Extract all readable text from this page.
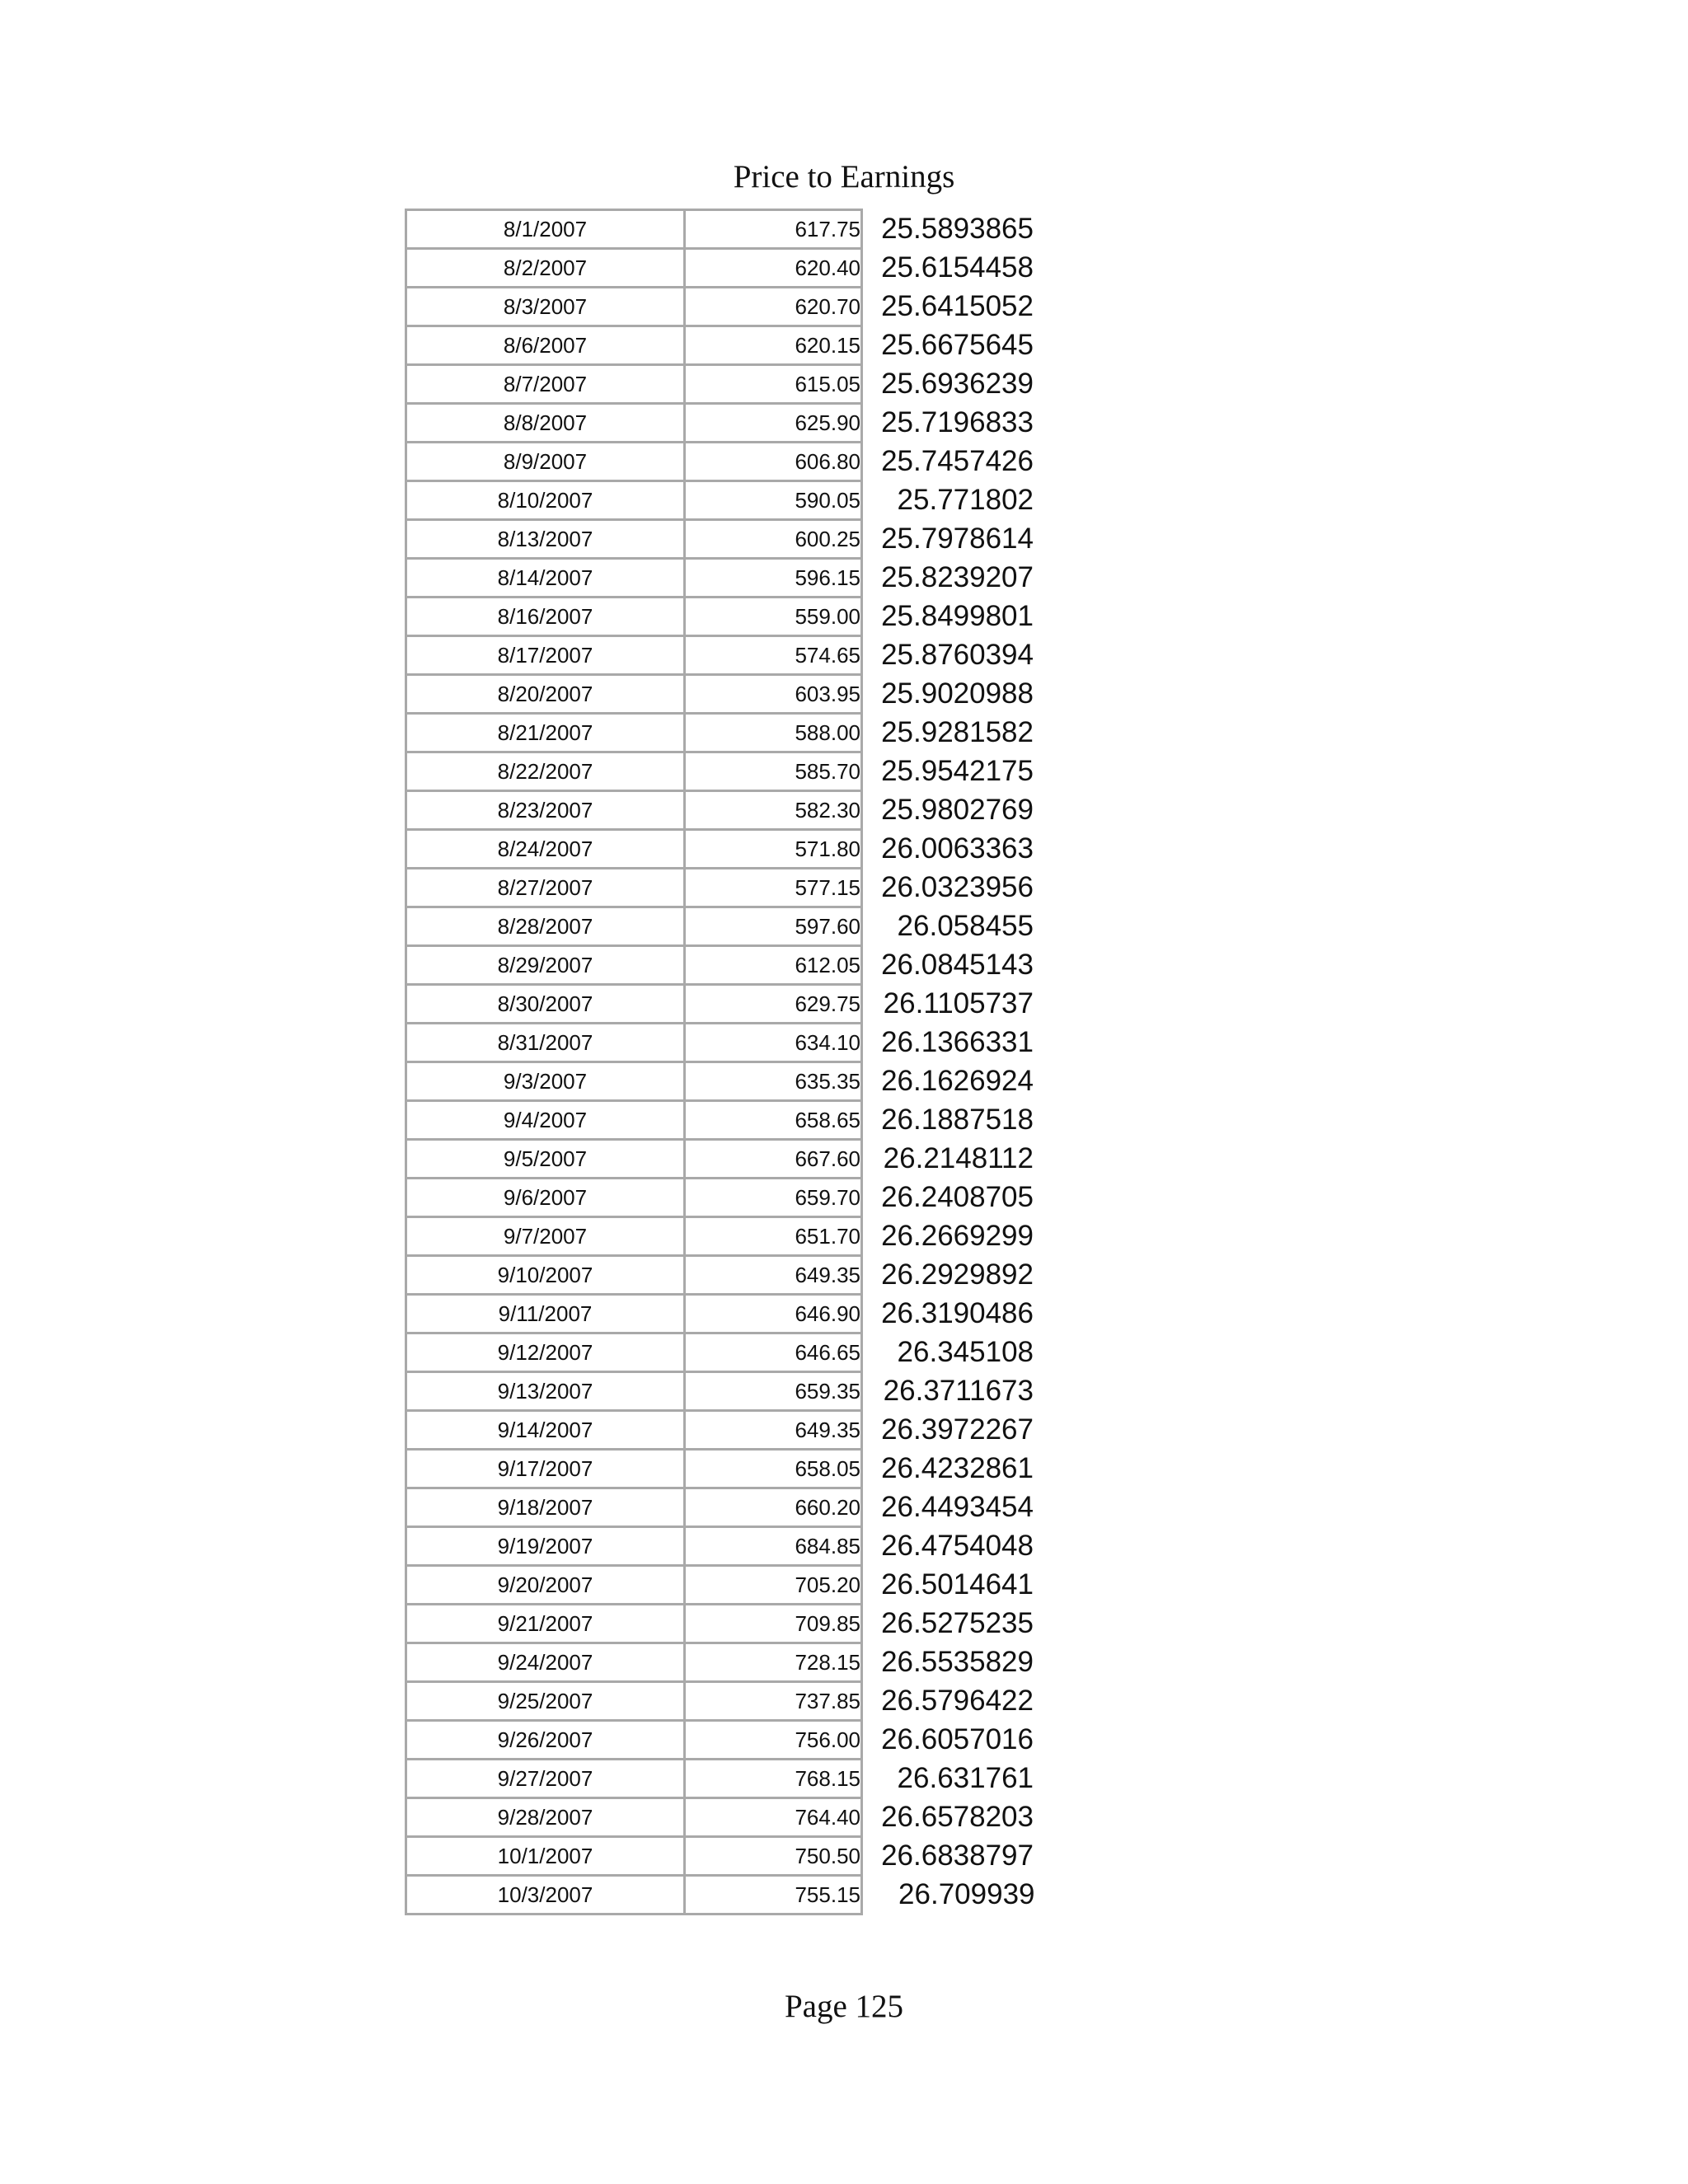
Price to Earnings
8/1/2007	617.75	25.5893865
8/2/2007	620.40	25.6154458
8/3/2007	620.70	25.6415052
8/6/2007	620.15	25.6675645
8/7/2007	615.05	25.6936239
8/8/2007	625.90	25.7196833
8/9/2007	606.80	25.7457426
8/10/2007	590.05	25.771802
8/13/2007	600.25	25.7978614
8/14/2007	596.15	25.8239207
8/16/2007	559.00	25.8499801
8/17/2007	574.65	25.8760394
8/20/2007	603.95	25.9020988
8/21/2007	588.00	25.9281582
8/22/2007	585.70	25.9542175
8/23/2007	582.30	25.9802769
8/24/2007	571.80	26.0063363
8/27/2007	577.15	26.0323956
8/28/2007	597.60	26.058455
8/29/2007	612.05	26.0845143
8/30/2007	629.75	26.1105737
8/31/2007	634.10	26.1366331
9/3/2007	635.35	26.1626924
9/4/2007	658.65	26.1887518
9/5/2007	667.60	26.2148112
9/6/2007	659.70	26.2408705
9/7/2007	651.70	26.2669299
9/10/2007	649.35	26.2929892
9/11/2007	646.90	26.3190486
9/12/2007	646.65	26.345108
9/13/2007	659.35	26.3711673
9/14/2007	649.35	26.3972267
9/17/2007	658.05	26.4232861
9/18/2007	660.20	26.4493454
9/19/2007	684.85	26.4754048
9/20/2007	705.20	26.5014641
9/21/2007	709.85	26.5275235
9/24/2007	728.15	26.5535829
9/25/2007	737.85	26.5796422
9/26/2007	756.00	26.6057016
9/27/2007	768.15	26.631761
9/28/2007	764.40	26.6578203
10/1/2007	750.50	26.6838797
10/3/2007	755.15	26.709939
Page 125
